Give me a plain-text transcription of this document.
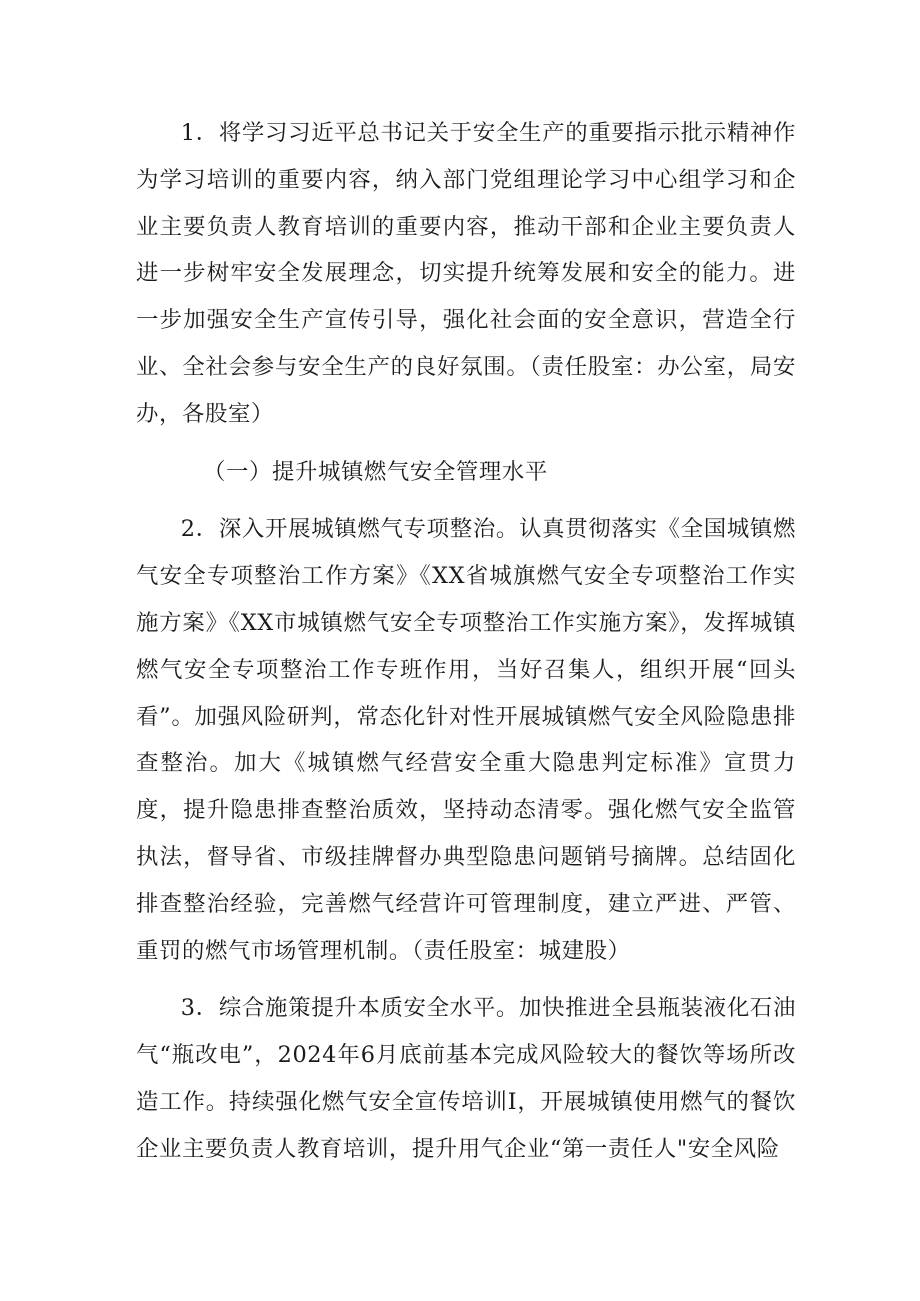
1．将学习习近平总书记关于安全生产的重要指示批示精神作为学习培训的重要内容，纳入部门党组理论学习中心组学习和企业主要负责人教育培训的重要内容，推动干部和企业主要负责人进一步树牢安全发展理念，切实提升统筹发展和安全的能力。进一步加强安全生产宣传引导，强化社会面的安全意识，营造全行业、全社会参与安全生产的良好氛围。（责任股室：办公室，局安办，各股室）

（一）提升城镇燃气安全管理水平

2．深入开展城镇燃气专项整治。认真贯彻落实《全国城镇燃气安全专项整治工作方案》《XX省城旗燃气安全专项整治工作实施方案》《XX市城镇燃气安全专项整治工作实施方案》，发挥城镇燃气安全专项整治工作专班作用，当好召集人，组织开展“回头看”。加强风险研判，常态化针对性开展城镇燃气安全风险隐患排查整治。加大《城镇燃气经营安全重大隐患判定标准》宣贯力度，提升隐患排查整治质效，坚持动态清零。强化燃气安全监管执法，督导省、市级挂牌督办典型隐患问题销号摘牌。总结固化排查整治经验，完善燃气经营许可管理制度，建立严进、严管、重罚的燃气市场管理机制。（责任股室：城建股）

3．综合施策提升本质安全水平。加快推进全县瓶装液化石油气“瓶改电”，2024年6月底前基本完成风险较大的餐饮等场所改造工作。持续强化燃气安全宣传培训I，开展城镇使用燃气的餐饮企业主要负责人教育培训，提升用气企业“第一责任人"安全风险
